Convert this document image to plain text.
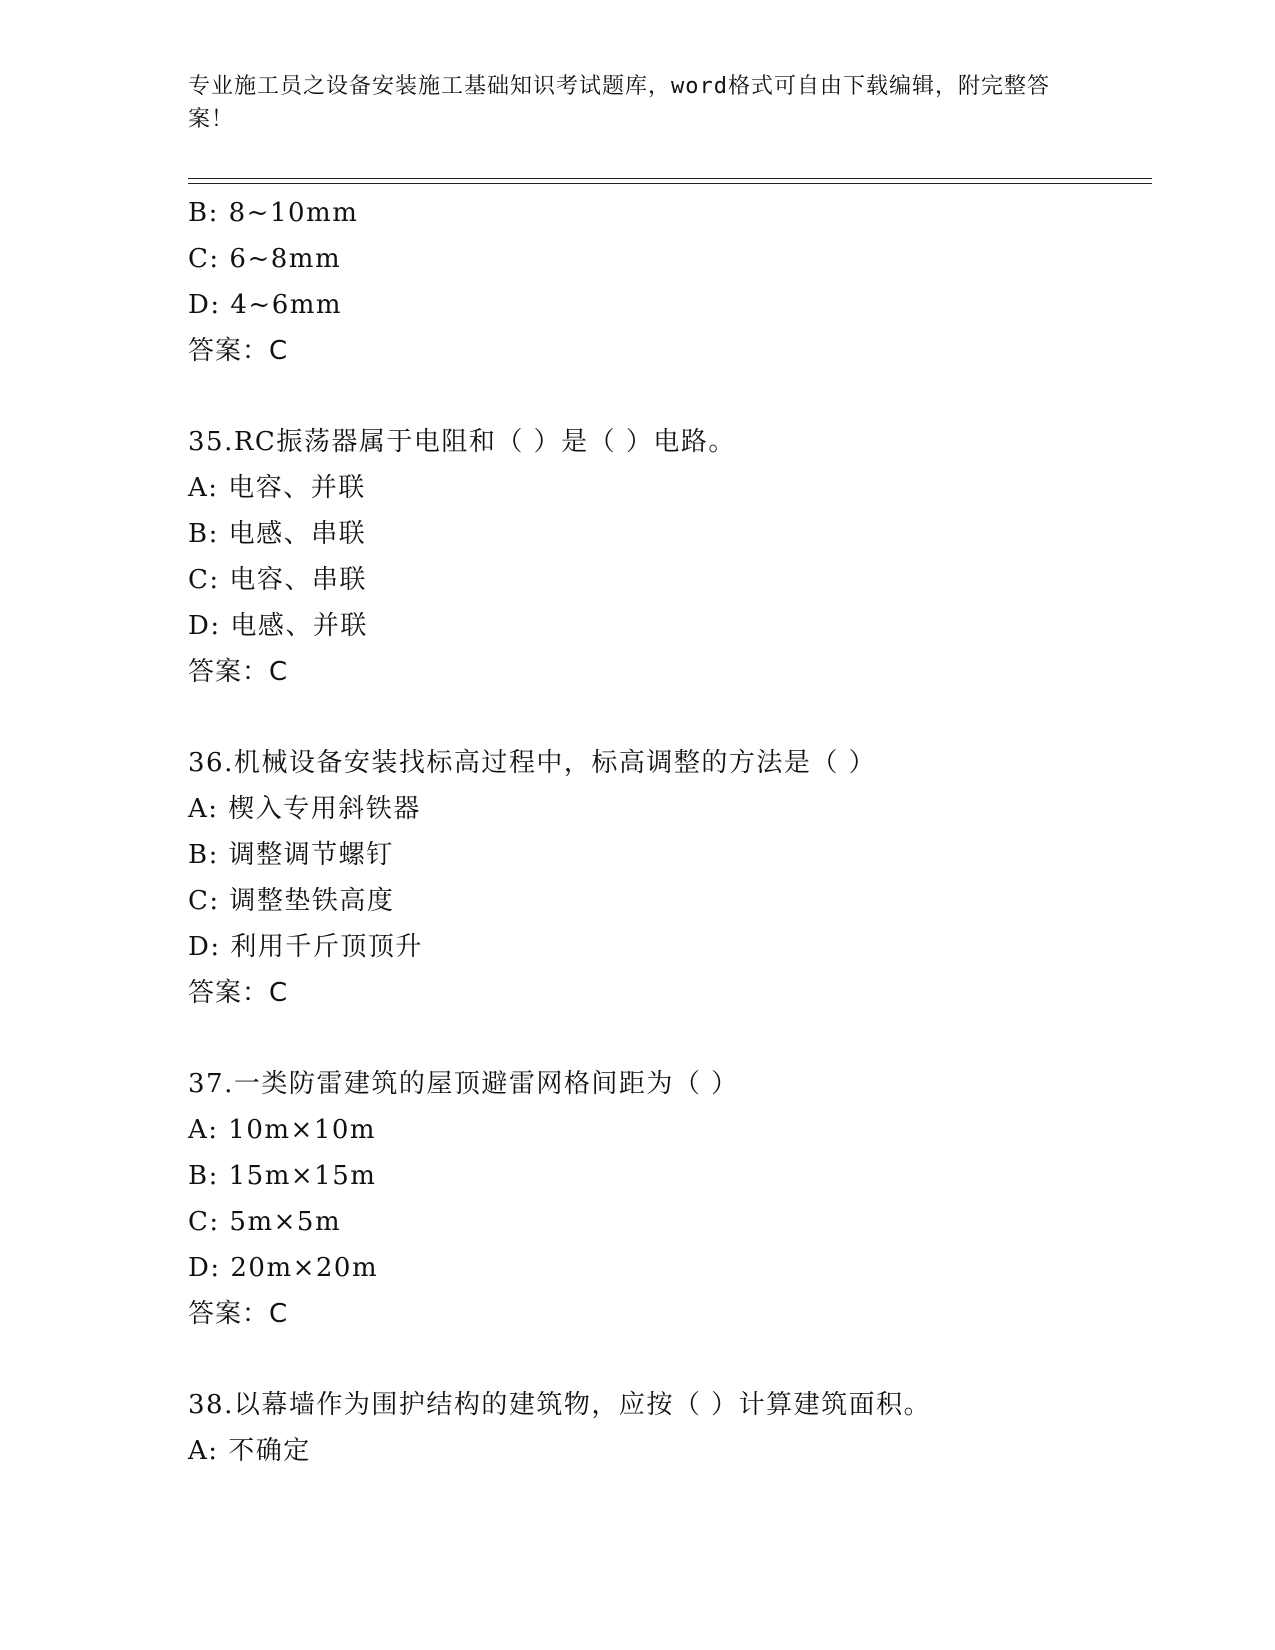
专业施工员之设备安装施工基础知识考试题库，word格式可自由下载编辑，附完整答案！
B: 8~10mm
C: 6~8mm
D: 4~6mm
答案：C
35.RC振荡器属于电阻和（ ）是（ ）电路。
A: 电容、并联
B: 电感、串联
C: 电容、串联
D: 电感、并联
答案：C
36.机械设备安装找标高过程中，标高调整的方法是（ ）
A: 楔入专用斜铁器
B: 调整调节螺钉
C: 调整垫铁高度
D: 利用千斤顶顶升
答案：C
37.一类防雷建筑的屋顶避雷网格间距为（ ）
A: 10m×10m
B: 15m×15m
C: 5m×5m
D: 20m×20m
答案：C
38.以幕墙作为围护结构的建筑物，应按（ ）计算建筑面积。
A: 不确定
